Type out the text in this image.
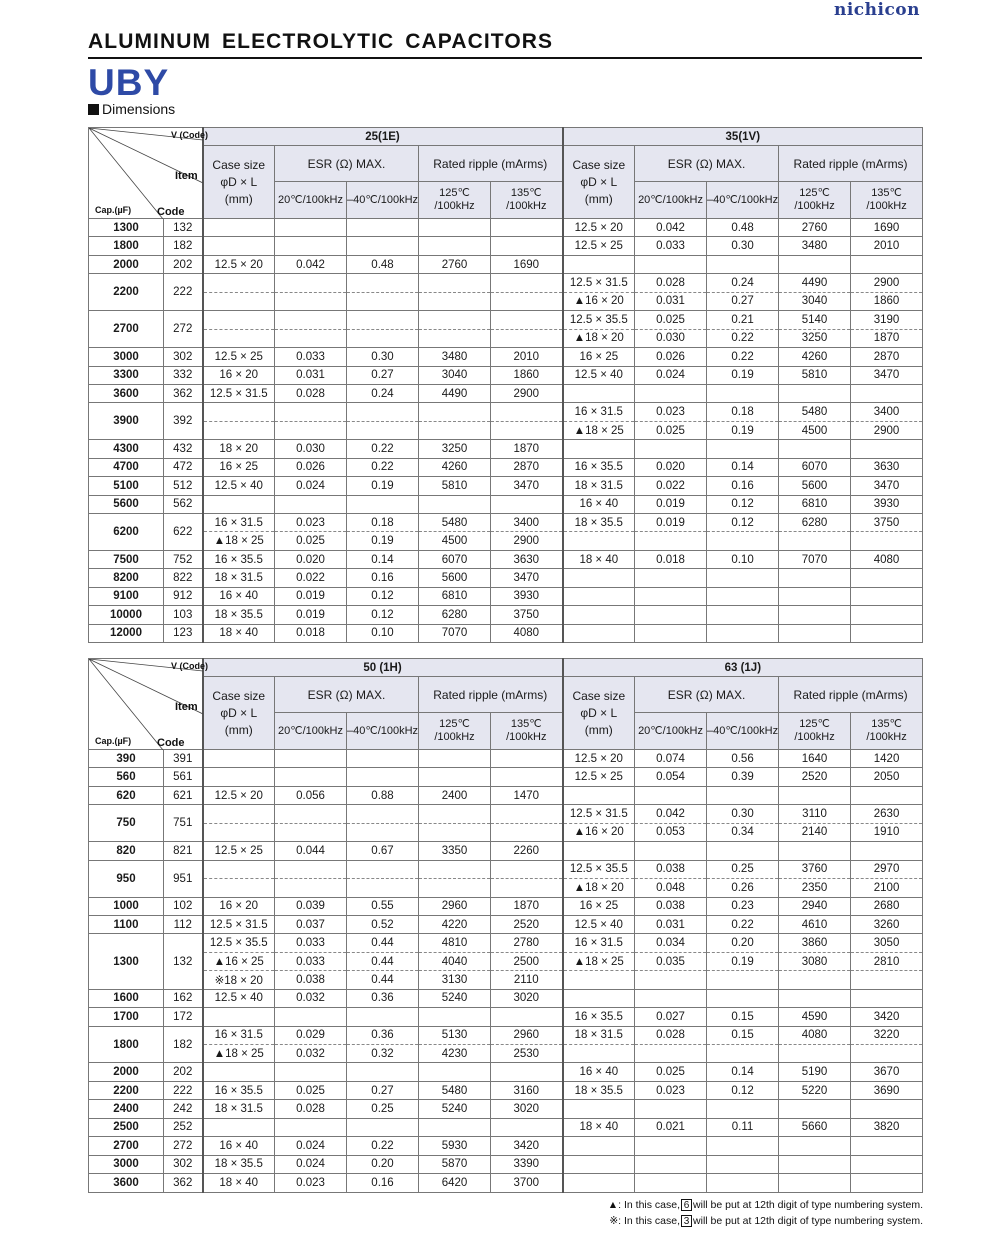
nichicon
ALUMINUM ELECTROLYTIC CAPACITORS
UBY
Dimensions
V (Code)
Item
Cap.(µF) Code		25(1E)					35(1V)				
		Case size
φD × L
(mm)	ESR (Ω) MAX.		Rated ripple (mArms)		Case size
φD × L
(mm)	ESR (Ω) MAX.		Rated ripple (mArms)	
			20℃/100kHz	–40℃/100kHz	125℃
/100kHz	135℃
/100kHz		20℃/100kHz	–40℃/100kHz	125℃
/100kHz	135℃
/100kHz
1300	132						12.5 × 20	0.042	0.48	2760	1690
1800	182						12.5 × 25	0.033	0.30	3480	2010
2000	202	12.5 × 20	0.042	0.48	2760	1690					
2200	222						12.5 × 31.5	0.028	0.24	4490	2900
							▲16 × 20	0.031	0.27	3040	1860
2700	272						12.5 × 35.5	0.025	0.21	5140	3190
							▲18 × 20	0.030	0.22	3250	1870
3000	302	12.5 × 25	0.033	0.30	3480	2010	16 × 25	0.026	0.22	4260	2870
3300	332	16 × 20	0.031	0.27	3040	1860	12.5 × 40	0.024	0.19	5810	3470
3600	362	12.5 × 31.5	0.028	0.24	4490	2900					
3900	392						16 × 31.5	0.023	0.18	5480	3400
							▲18 × 25	0.025	0.19	4500	2900
4300	432	18 × 20	0.030	0.22	3250	1870					
4700	472	16 × 25	0.026	0.22	4260	2870	16 × 35.5	0.020	0.14	6070	3630
5100	512	12.5 × 40	0.024	0.19	5810	3470	18 × 31.5	0.022	0.16	5600	3470
5600	562						16 × 40	0.019	0.12	6810	3930
6200	622	16 × 31.5	0.023	0.18	5480	3400	18 × 35.5	0.019	0.12	6280	3750
		▲18 × 25	0.025	0.19	4500	2900					
7500	752	16 × 35.5	0.020	0.14	6070	3630	18 × 40	0.018	0.10	7070	4080
8200	822	18 × 31.5	0.022	0.16	5600	3470					
9100	912	16 × 40	0.019	0.12	6810	3930					
10000	103	18 × 35.5	0.019	0.12	6280	3750					
12000	123	18 × 40	0.018	0.10	7070	4080					
V (Code)
Item
Cap.(µF) Code		50 (1H)					63 (1J)				
		Case size
φD × L
(mm)	ESR (Ω) MAX.		Rated ripple (mArms)		Case size
φD × L
(mm)	ESR (Ω) MAX.		Rated ripple (mArms)	
			20℃/100kHz	–40℃/100kHz	125℃
/100kHz	135℃
/100kHz		20℃/100kHz	–40℃/100kHz	125℃
/100kHz	135℃
/100kHz
390	391						12.5 × 20	0.074	0.56	1640	1420
560	561						12.5 × 25	0.054	0.39	2520	2050
620	621	12.5 × 20	0.056	0.88	2400	1470					
750	751						12.5 × 31.5	0.042	0.30	3110	2630
							▲16 × 20	0.053	0.34	2140	1910
820	821	12.5 × 25	0.044	0.67	3350	2260					
950	951						12.5 × 35.5	0.038	0.25	3760	2970
							▲18 × 20	0.048	0.26	2350	2100
1000	102	16 × 20	0.039	0.55	2960	1870	16 × 25	0.038	0.23	2940	2680
1100	112	12.5 × 31.5	0.037	0.52	4220	2520	12.5 × 40	0.031	0.22	4610	3260
1300	132	12.5 × 35.5	0.033	0.44	4810	2780	16 × 31.5	0.034	0.20	3860	3050
		▲16 × 25	0.033	0.44	4040	2500	▲18 × 25	0.035	0.19	3080	2810
		※18 × 20	0.038	0.44	3130	2110					
1600	162	12.5 × 40	0.032	0.36	5240	3020					
1700	172						16 × 35.5	0.027	0.15	4590	3420
1800	182	16 × 31.5	0.029	0.36	5130	2960	18 × 31.5	0.028	0.15	4080	3220
		▲18 × 25	0.032	0.32	4230	2530					
2000	202						16 × 40	0.025	0.14	5190	3670
2200	222	16 × 35.5	0.025	0.27	5480	3160	18 × 35.5	0.023	0.12	5220	3690
2400	242	18 × 31.5	0.028	0.25	5240	3020					
2500	252						18 × 40	0.021	0.11	5660	3820
2700	272	16 × 40	0.024	0.22	5930	3420					
3000	302	18 × 35.5	0.024	0.20	5870	3390					
3600	362	18 × 40	0.023	0.16	6420	3700					
▲ : In this case, 6 will be put at 12th digit of type numbering system.
※ : In this case, 3 will be put at 12th digit of type numbering system.
